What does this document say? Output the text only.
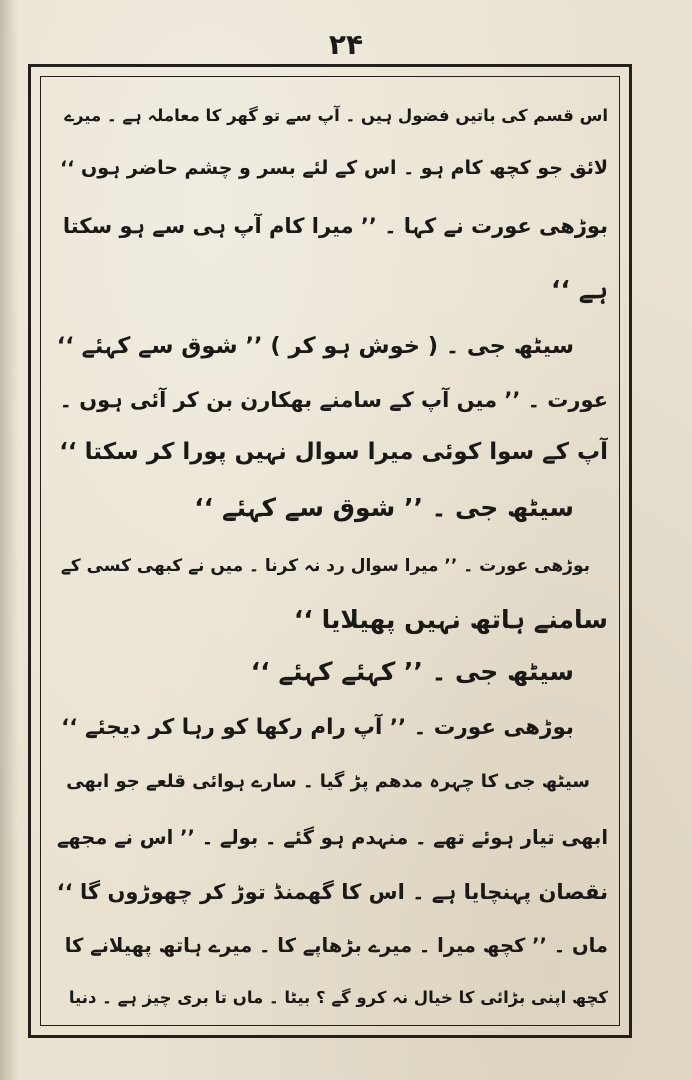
۲۴
اس قسم کی باتیں فضول ہیں ۔ آپ سے تو گھر کا معاملہ ہے ۔ میرے
لائق جو کچھ کام ہو ۔ اس کے لئے بسر و چشم حاضر ہوں ‘‘
بوڑھی عورت نے کہا ۔ ’’ میرا کام آپ ہی سے ہو سکتا
ہے ‘‘
سیٹھ جی ۔ ( خوش ہو کر ) ’’ شوق سے کہئے ‘‘
عورت ۔ ’’ میں آپ کے سامنے بھکارن بن کر آئی ہوں ۔
آپ کے سوا کوئی میرا سوال نہیں پورا کر سکتا ‘‘
سیٹھ جی ۔ ’’ شوق سے کہئے ‘‘
بوڑھی عورت ۔ ’’ میرا سوال رد نہ کرنا ۔ میں نے کبھی کسی کے
سامنے ہاتھ نہیں پھیلایا ‘‘
سیٹھ جی ۔ ’’ کہئے کہئے ‘‘
بوڑھی عورت ۔ ’’ آپ رام رکھا کو رہا کر دیجئے ‘‘
سیٹھ جی کا چہرہ مدھم پڑ گیا ۔ سارے ہوائی قلعے جو ابھی
ابھی تیار ہوئے تھے ۔ منہدم ہو گئے ۔ بولے ۔ ’’ اس نے مجھے
نقصان پہنچایا ہے ۔ اس کا گھمنڈ توڑ کر چھوڑوں گا ‘‘
ماں ۔ ’’ کچھ میرا ۔ میرے بڑھاپے کا ۔ میرے ہاتھ پھیلانے کا
کچھ اپنی بڑائی کا خیال نہ کرو گے ؟ بیٹا ۔ ماں تا بری چیز ہے ۔ دنیا
